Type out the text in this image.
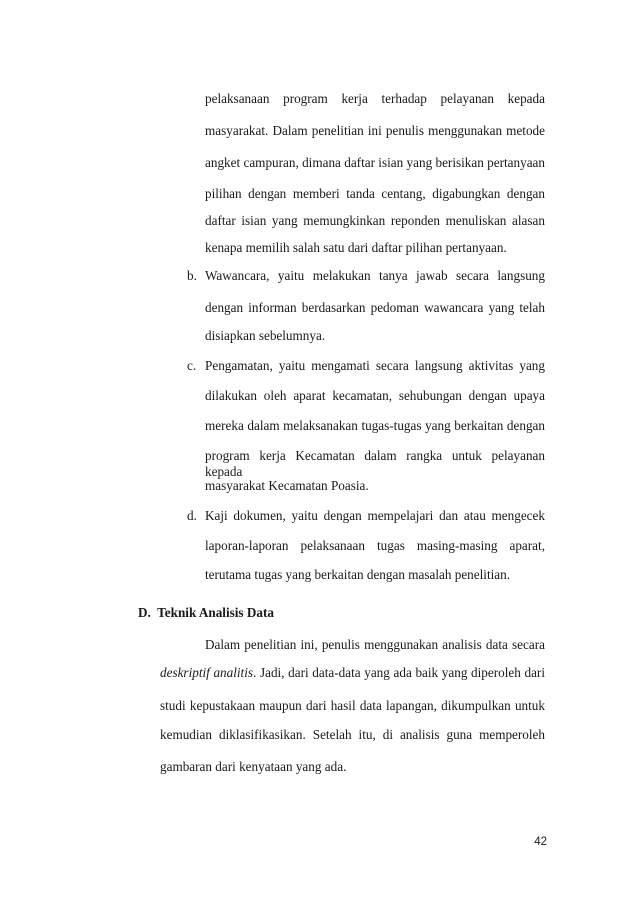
pelaksanaan program kerja terhadap pelayanan kepada
masyarakat. Dalam penelitian ini penulis menggunakan metode
angket campuran, dimana daftar isian yang berisikan pertanyaan
pilihan dengan memberi tanda centang, digabungkan dengan
daftar isian yang memungkinkan reponden menuliskan alasan
kenapa memilih salah satu dari daftar pilihan pertanyaan.
b. Wawancara, yaitu melakukan tanya jawab secara langsung
dengan informan berdasarkan pedoman wawancara yang telah
disiapkan sebelumnya.
c. Pengamatan, yaitu mengamati secara langsung aktivitas yang
dilakukan oleh aparat kecamatan, sehubungan dengan upaya
mereka dalam melaksanakan tugas-tugas yang berkaitan dengan
program kerja Kecamatan dalam rangka untuk pelayanan kepada
masyarakat Kecamatan Poasia.
d. Kaji dokumen, yaitu dengan mempelajari dan atau mengecek
laporan-laporan pelaksanaan tugas masing-masing aparat,
terutama tugas yang berkaitan dengan masalah penelitian.
D.  Teknik Analisis Data
Dalam penelitian ini, penulis menggunakan analisis data secara
deskriptif analitis. Jadi, dari data-data yang ada baik yang diperoleh dari
studi kepustakaan maupun dari hasil data lapangan, dikumpulkan untuk
kemudian diklasifikasikan. Setelah itu, di analisis guna memperoleh
gambaran dari kenyataan yang ada.
42
